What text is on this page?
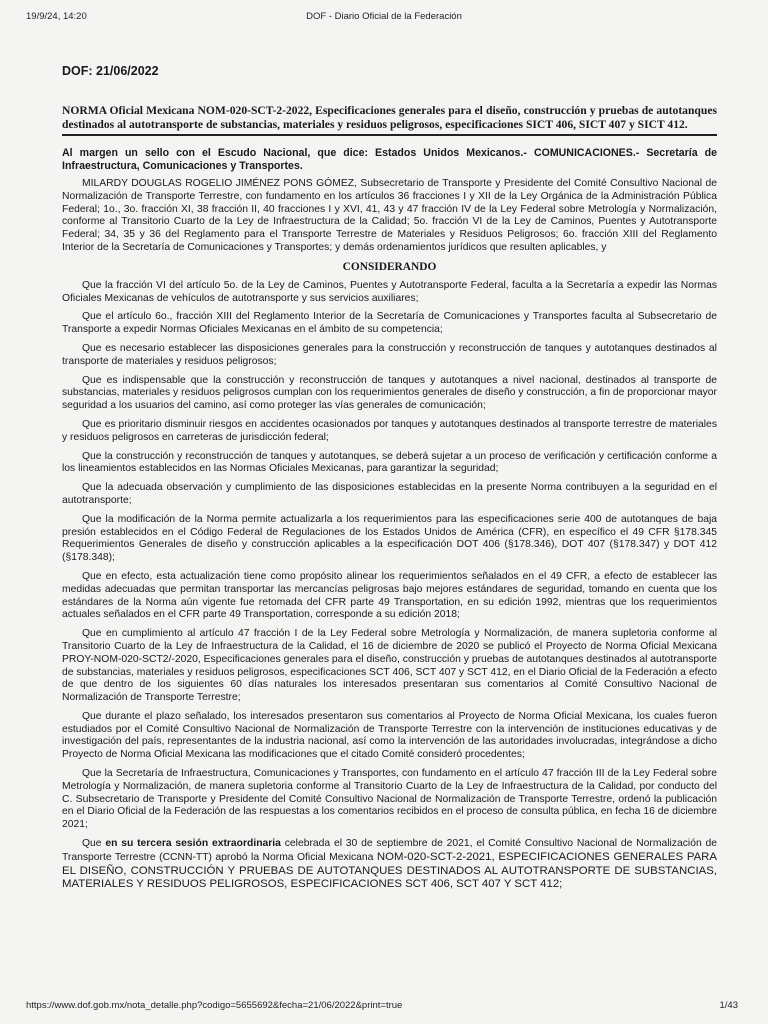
19/9/24, 14:20	DOF - Diario Oficial de la Federación
DOF: 21/06/2022
NORMA Oficial Mexicana NOM-020-SCT-2-2022, Especificaciones generales para el diseño, construcción y pruebas de autotanques destinados al autotransporte de substancias, materiales y residuos peligrosos, especificaciones SICT 406, SICT 407 y SICT 412.
Al margen un sello con el Escudo Nacional, que dice: Estados Unidos Mexicanos.- COMUNICACIONES.- Secretaría de Infraestructura, Comunicaciones y Transportes.

MILARDY DOUGLAS ROGELIO JIMÉNEZ PONS GÓMEZ, Subsecretario de Transporte y Presidente del Comité Consultivo Nacional de Normalización de Transporte Terrestre, con fundamento en los artículos 36 fracciones I y XII de la Ley Orgánica de la Administración Pública Federal; 1o., 3o. fracción XI, 38 fracción II, 40 fracciones I y XVI, 41, 43 y 47 fracción IV de la Ley Federal sobre Metrología y Normalización, conforme al Transitorio Cuarto de la Ley de Infraestructura de la Calidad; 5o. fracción VI de la Ley de Caminos, Puentes y Autotransporte Federal; 34, 35 y 36 del Reglamento para el Transporte Terrestre de Materiales y Residuos Peligrosos; 6o. fracción XIII del Reglamento Interior de la Secretaría de Comunicaciones y Transportes; y demás ordenamientos jurídicos que resulten aplicables, y

CONSIDERANDO

Que la fracción VI del artículo 5o. de la Ley de Caminos, Puentes y Autotransporte Federal, faculta a la Secretaría a expedir las Normas Oficiales Mexicanas de vehículos de autotransporte y sus servicios auxiliares;

Que el artículo 6o., fracción XIII del Reglamento Interior de la Secretaría de Comunicaciones y Transportes faculta al Subsecretario de Transporte a expedir Normas Oficiales Mexicanas en el ámbito de su competencia;

Que es necesario establecer las disposiciones generales para la construcción y reconstrucción de tanques y autotanques destinados al transporte de materiales y residuos peligrosos;

Que es indispensable que la construcción y reconstrucción de tanques y autotanques a nivel nacional, destinados al transporte de substancias, materiales y residuos peligrosos cumplan con los requerimientos generales de diseño y construcción, a fin de proporcionar mayor seguridad a los usuarios del camino, así como proteger las vías generales de comunicación;

Que es prioritario disminuir riesgos en accidentes ocasionados por tanques y autotanques destinados al transporte terrestre de materiales y residuos peligrosos en carreteras de jurisdicción federal;

Que la construcción y reconstrucción de tanques y autotanques, se deberá sujetar a un proceso de verificación y certificación conforme a los lineamientos establecidos en las Normas Oficiales Mexicanas, para garantizar la seguridad;

Que la adecuada observación y cumplimiento de las disposiciones establecidas en la presente Norma contribuyen a la seguridad en el autotransporte;

Que la modificación de la Norma permite actualizarla a los requerimientos para las especificaciones serie 400 de autotanques de baja presión establecidos en el Código Federal de Regulaciones de los Estados Unidos de América (CFR), en específico el 49 CFR §178.345 Requerimientos Generales de diseño y construcción aplicables a la especificación DOT 406 (§178.346), DOT 407 (§178.347) y DOT 412 (§178.348);

Que en efecto, esta actualización tiene como propósito alinear los requerimientos señalados en el 49 CFR, a efecto de establecer las medidas adecuadas que permitan transportar las mercancías peligrosas bajo mejores estándares de seguridad, tomando en cuenta que los estándares de la Norma aún vigente fue retomada del CFR parte 49 Transportation, en su edición 1992, mientras que los requerimientos actuales señalados en el CFR parte 49 Transportation, corresponde a su edición 2018;

Que en cumplimiento al artículo 47 fracción I de la Ley Federal sobre Metrología y Normalización, de manera supletoria conforme al Transitorio Cuarto de la Ley de Infraestructura de la Calidad, el 16 de diciembre de 2020 se publicó el Proyecto de Norma Oficial Mexicana PROY-NOM-020-SCT2/-2020, Especificaciones generales para el diseño, construcción y pruebas de autotanques destinados al autotransporte de substancias, materiales y residuos peligrosos, especificaciones SCT 406, SCT 407 y SCT 412, en el Diario Oficial de la Federación a efecto de que dentro de los siguientes 60 días naturales los interesados presentaran sus comentarios al Comité Consultivo Nacional de Normalización de Transporte Terrestre;

Que durante el plazo señalado, los interesados presentaron sus comentarios al Proyecto de Norma Oficial Mexicana, los cuales fueron estudiados por el Comité Consultivo Nacional de Normalización de Transporte Terrestre con la intervención de instituciones educativas y de investigación del país, representantes de la industria nacional, así como la intervención de las autoridades involucradas, integrándose a dicho Proyecto de Norma Oficial Mexicana las modificaciones que el citado Comité consideró procedentes;

Que la Secretaría de Infraestructura, Comunicaciones y Transportes, con fundamento en el artículo 47 fracción III de la Ley Federal sobre Metrología y Normalización, de manera supletoria conforme al Transitorio Cuarto de la Ley de Infraestructura de la Calidad, por conducto del C. Subsecretario de Transporte y Presidente del Comité Consultivo Nacional de Normalización de Transporte Terrestre, ordenó la publicación en el Diario Oficial de la Federación de las respuestas a los comentarios recibidos en el proceso de consulta pública, en fecha 16 de diciembre 2021;

Que en su tercera sesión extraordinaria celebrada el 30 de septiembre de 2021, el Comité Consultivo Nacional de Normalización de Transporte Terrestre (CCNN-TT) aprobó la Norma Oficial Mexicana NOM-020-SCT-2-2021, ESPECIFICACIONES GENERALES PARA EL DISEÑO, CONSTRUCCIÓN Y PRUEBAS DE AUTOTANQUES DESTINADOS AL AUTOTRANSPORTE DE SUBSTANCIAS, MATERIALES Y RESIDUOS PELIGROSOS, ESPECIFICACIONES SCT 406, SCT 407 Y SCT 412;

https://www.dof.gob.mx/nota_detalle.php?codigo=5655692&fecha=21/06/2022&print=true	1/43
